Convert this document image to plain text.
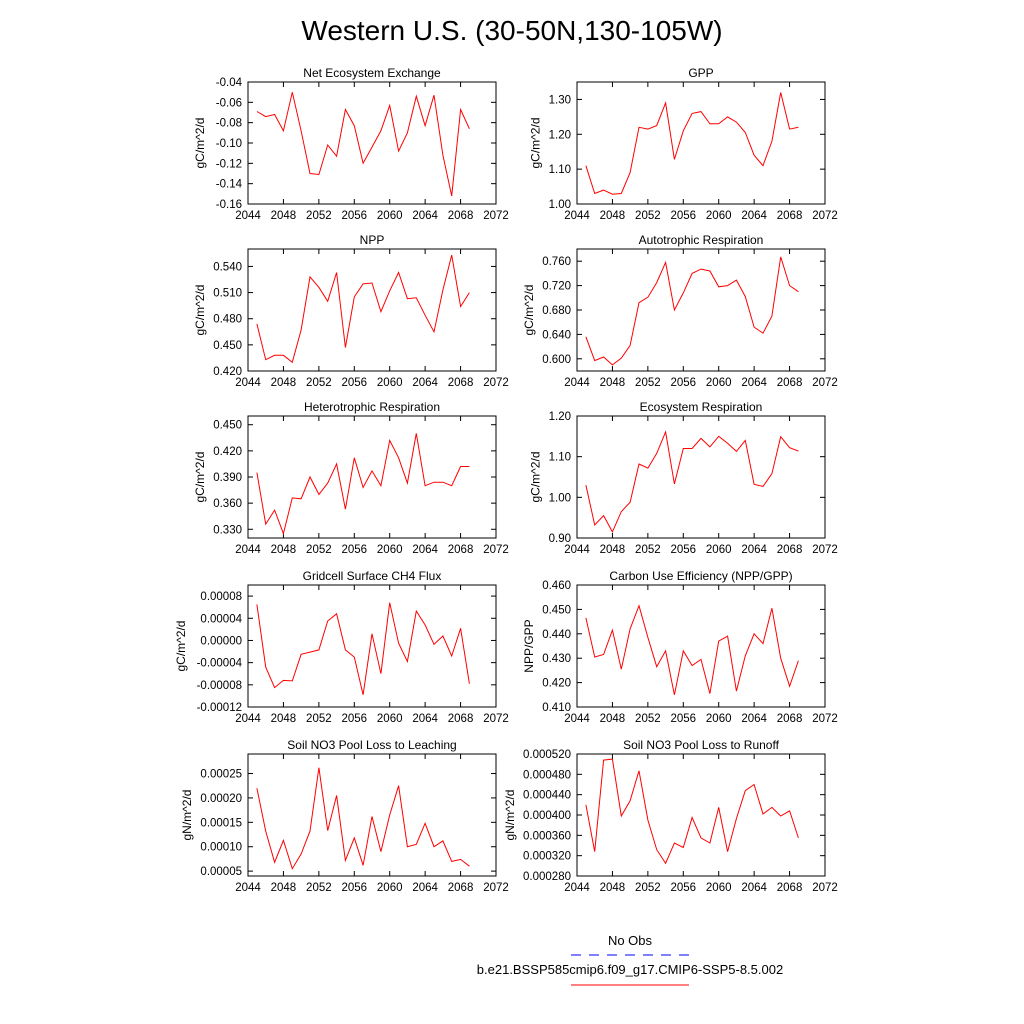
Western U.S. (30-50N,130-105W)
Net Ecosystem Exchange
2044 2048 2052 2056 2060 2064 2068 2072
-0.16
-0.14
-0.12
-0.10
-0.08
-0.06
-0.04
gC/m^2/d
GPP
2044 2048 2052 2056 2060 2064 2068 2072
1.00
1.10
1.20
1.30
gC/m^2/d
NPP
2044 2048 2052 2056 2060 2064 2068 2072
0.420
0.450
0.480
0.510
0.540
gC/m^2/d
Autotrophic Respiration
2044 2048 2052 2056 2060 2064 2068 2072
0.600
0.640
0.680
0.720
0.760
gC/m^2/d
Heterotrophic Respiration
2044 2048 2052 2056 2060 2064 2068 2072
0.330
0.360
0.390
0.420
0.450
gC/m^2/d
Ecosystem Respiration
2044 2048 2052 2056 2060 2064 2068 2072
0.90
1.00
1.10
1.20
gC/m^2/d
Gridcell Surface CH4 Flux
2044 2048 2052 2056 2060 2064 2068 2072
-0.00012
-0.00008
-0.00004
0.00000
0.00004
0.00008
gC/m^2/d
Carbon Use Efficiency (NPP/GPP)
2044 2048 2052 2056 2060 2064 2068 2072
0.410
0.420
0.430
0.440
0.450
0.460
NPP/GPP
Soil NO3 Pool Loss to Leaching
2044 2048 2052 2056 2060 2064 2068 2072
0.00005
0.00010
0.00015
0.00020
0.00025
gN/m^2/d
Soil NO3 Pool Loss to Runoff
2044 2048 2052 2056 2060 2064 2068 2072
0.000280
0.000320
0.000360
0.000400
0.000440
0.000480
0.000520
gN/m^2/d
No Obs
b.e21.BSSP585cmip6.f09_g17.CMIP6-SSP5-8.5.002
